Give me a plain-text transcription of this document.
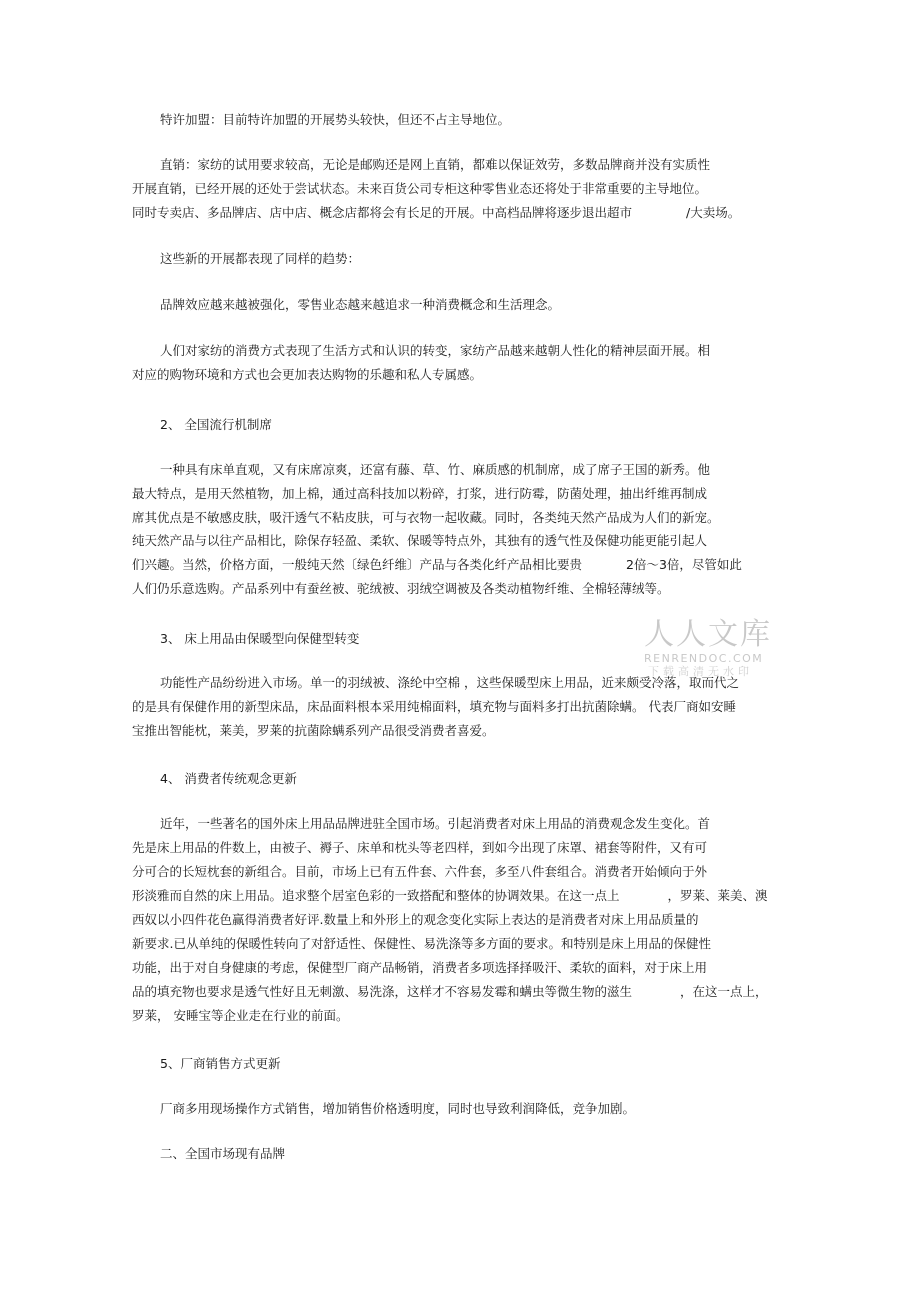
特许加盟：目前特许加盟的开展势头较快，但还不占主导地位。
直销：家纺的试用要求较高，无论是邮购还是网上直销，都难以保证效劳，多数品牌商并没有实质性
开展直销，已经开展的还处于尝试状态。未来百货公司专柜这种零售业态还将处于非常重要的主导地位。
同时专卖店、多品牌店、店中店、概念店都将会有长足的开展。中高档品牌将逐步退出超市	/大卖场。
这些新的开展都表现了同样的趋势：
品牌效应越来越被强化，零售业态越来越追求一种消费概念和生活理念。
人们对家纺的消费方式表现了生活方式和认识的转变，家纺产品越来越朝人性化的精神层面开展。相
对应的购物环境和方式也会更加表达购物的乐趣和私人专属感。
2、 全国流行机制席
一种具有床单直观，又有床席凉爽，还富有藤、草、竹、麻质感的机制席，成了席子王国的新秀。他
最大特点，是用天然植物，加上棉，通过高科技加以粉碎，打浆，进行防霉，防菌处理，抽出纤维再制成
席其优点是不敏感皮肤，吸汗透气不粘皮肤，可与衣物一起收藏。同时，各类纯天然产品成为人们的新宠。
纯天然产品与以往产品相比，除保存轻盈、柔软、保暖等特点外，其独有的透气性及保健功能更能引起人
们兴趣。当然，价格方面，一般纯天然〔绿色纤维〕产品与各类化纤产品相比要贵	2倍～3倍，尽管如此
人们仍乐意选购。产品系列中有蚕丝被、驼绒被、羽绒空调被及各类动植物纤维、全棉轻薄绒等。
3、 床上用品由保暖型向保健型转变
功能性产品纷纷进入市场。单一的羽绒被、涤纶中空棉 ，这些保暖型床上用品，近来颇受冷落，取而代之
的是具有保健作用的新型床品，床品面料根本采用纯棉面料，填充物与面料多打出抗菌除螨。 代表厂商如安睡
宝推出智能枕，莱美，罗莱的抗菌除螨系列产品很受消费者喜爱。
4、 消费者传统观念更新
近年，一些著名的国外床上用品品牌进驻全国市场。引起消费者对床上用品的消费观念发生变化。首
先是床上用品的件数上，由被子、褥子、床单和枕头等老四样，到如今出现了床罩、裙套等附件，又有可
分可合的长短枕套的新组合。目前，市场上已有五件套、六件套，多至八件套组合。消费者开始倾向于外
形淡雅而自然的床上用品。追求整个居室色彩的一致搭配和整体的协调效果。在这一点上	，罗莱、莱美、澳
西奴以小四件花色赢得消费者好评.数量上和外形上的观念变化实际上表达的是消费者对床上用品质量的
新要求.已从单纯的保暖性转向了对舒适性、保健性、易洗涤等多方面的要求。和特别是床上用品的保健性
功能，出于对自身健康的考虑，保健型厂商产品畅销，消费者多项选择择吸汗、柔软的面料，对于床上用
品的填充物也要求是透气性好且无刺激、易洗涤，这样才不容易发霉和螨虫等微生物的滋生	，在这一点上，
罗莱， 安睡宝等企业走在行业的前面。
5、厂商销售方式更新
厂商多用现场操作方式销售，增加销售价格透明度，同时也导致利润降低，竞争加剧。
二、全国市场现有品牌
人人文库
RENRENDOC.COM
下载高清无水印
